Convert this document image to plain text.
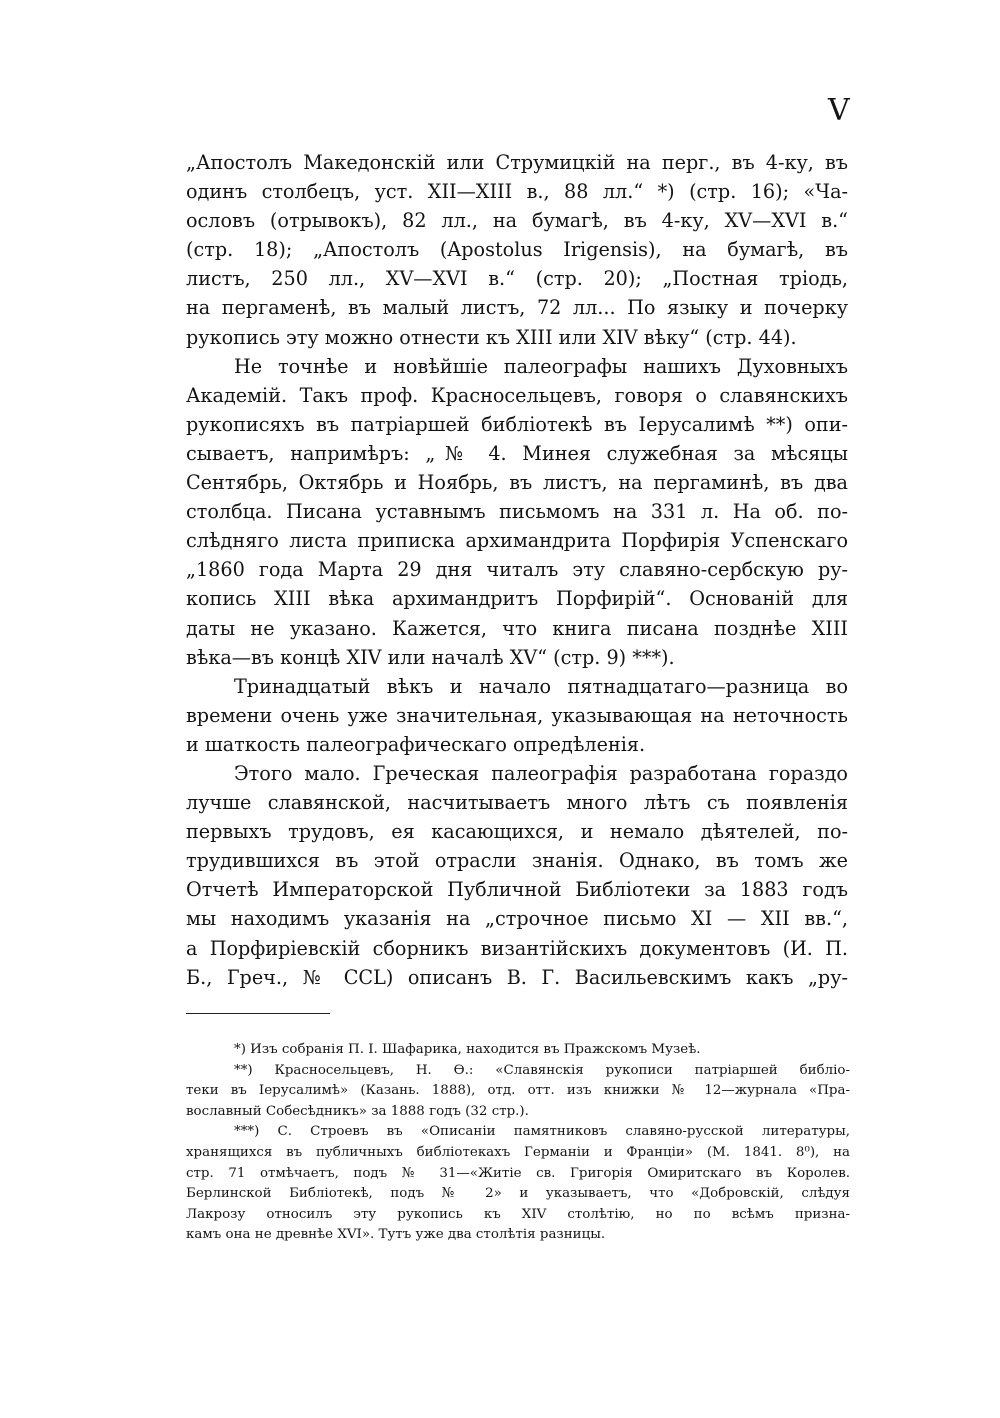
V
„Апостолъ Македонскій или Струмицкій на перг., въ 4-ку, въ
одинъ столбецъ, уст. XII—XIII в., 88 лл.“ *) (стр. 16); «Ча-
ословъ (отрывокъ), 82 лл., на бумагѣ, въ 4-ку, XV—XVI в.“
(стр. 18); „Апостолъ (Apostolus Irigensis), на бумагѣ, въ
листъ, 250 лл., XV—XVI в.“ (стр. 20); „Постная тріодь,
на пергаменѣ, въ малый листъ, 72 лл... По языку и почерку
рукопись эту можно отнести къ XIII или XIV вѣку“ (стр. 44).
Не точнѣе и новѣйшіе палеографы нашихъ Духовныхъ
Академій. Такъ проф. Красносельцевъ, говоря о славянскихъ
рукописяхъ въ патріаршей библіотекѣ въ Іерусалимѣ **) опи-
сываетъ, напримѣръ: „№ 4. Минея служебная за мѣсяцы
Сентябрь, Октябрь и Ноябрь, въ листъ, на пергаминѣ, въ два
столбца. Писана уставнымъ письмомъ на 331 л. На об. по-
слѣдняго листа приписка архимандрита Порфирія Успенскаго
„1860 года Марта 29 дня читалъ эту славяно-сербскую ру-
копись XIII вѣка архимандритъ Порфирій“. Основаній для
даты не указано. Кажется, что книга писана позднѣе XIII
вѣка—въ концѣ XIV или началѣ XV“ (стр. 9) ***).
Тринадцатый вѣкъ и начало пятнадцатаго—разница во
времени очень уже значительная, указывающая на неточность
и шаткость палеографическаго опредѣленія.
Этого мало. Греческая палеографія разработана гораздо
лучше славянской, насчитываетъ много лѣтъ съ появленія
первыхъ трудовъ, ея касающихся, и немало дѣятелей, по-
трудившихся въ этой отрасли знанія. Однако, въ томъ же
Отчетѣ Императорской Публичной Библіотеки за 1883 годъ
мы находимъ указанія на „строчное письмо XI — XII вв.“,
а Порфиріевскій сборникъ византійскихъ документовъ (И. П.
Б., Греч., № CCL) описанъ В. Г. Васильевскимъ какъ „ру-
*) Изъ собранія П. І. Шафарика, находится въ Пражскомъ Музеѣ.
**) Красносельцевъ, Н. Ѳ.: «Славянскія рукописи патріаршей библіо-
теки въ Іерусалимѣ» (Казань. 1888), отд. отт. изъ книжки № 12—журнала «Пра-
вославный Собесѣдникъ» за 1888 годъ (32 стр.).
***) С. Строевъ въ «Описаніи памятниковъ славяно-русской литературы,
хранящихся въ публичныхъ библіотекахъ Германіи и Франціи» (М. 1841. 8⁰), на
стр. 71 отмѣчаетъ, подъ № 31—«Житіе св. Григорія Омиритскаго въ Королев.
Берлинской Библіотекѣ, подъ № 2» и указываетъ, что «Добровскій, слѣдуя
Лакрозу относилъ эту рукопись къ XIV столѣтію, но по всѣмъ призна-
камъ она не древнѣе XVI». Тутъ уже два столѣтія разницы.
